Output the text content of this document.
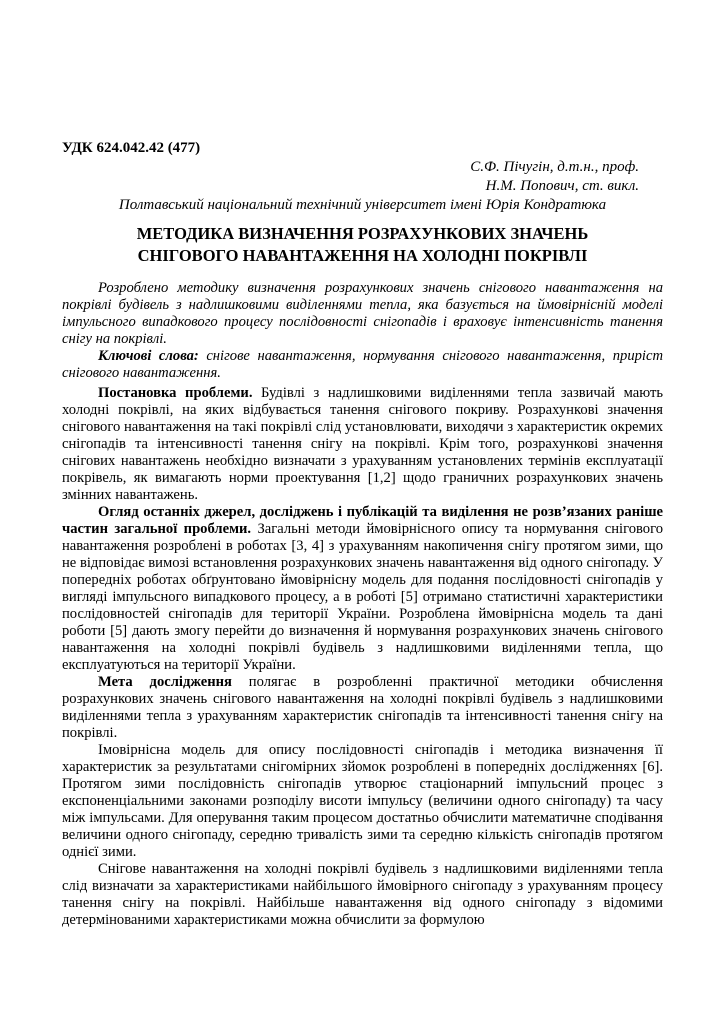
УДК 624.042.42 (477)
С.Ф. Пічугін, д.т.н., проф.
Н.М. Попович, ст. викл.
Полтавський національний технічний університет імені Юрія Кондратюка
МЕТОДИКА ВИЗНАЧЕННЯ РОЗРАХУНКОВИХ ЗНАЧЕНЬ
СНІГОВОГО НАВАНТАЖЕННЯ НА ХОЛОДНІ ПОКРІВЛІ

Розроблено методику визначення розрахункових значень снігового навантаження на покрівлі будівель з надлишковими виділеннями тепла, яка базується на ймовірнісній моделі імпульсного випадкового процесу послідовності снігопадів і враховує інтенсивність танення снігу на покрівлі.

Ключові слова: снігове навантаження, нормування снігового навантаження, приріст снігового навантаження.

Постановка проблеми. Будівлі з надлишковими виділеннями тепла зазвичай мають холодні покрівлі, на яких відбувається танення снігового покриву. Розрахункові значення снігового навантаження на такі покрівлі слід установлювати, виходячи з характеристик окремих снігопадів та інтенсивності танення снігу на покрівлі. Крім того, розрахункові значення снігових навантажень необхідно визначати з урахуванням установлених термінів експлуатації покрівель, як вимагають норми проектування [1,2] щодо граничних розрахункових значень змінних навантажень.

Огляд останніх джерел, досліджень і публікацій та виділення не розв’язаних раніше частин загальної проблеми. Загальні методи ймовірнісного опису та нормування снігового навантаження розроблені в роботах [3, 4] з урахуванням накопичення снігу протягом зими, що не відповідає вимозі встановлення розрахункових значень навантаження від одного снігопаду. У попередніх роботах обґрунтовано ймовірнісну модель для подання послідовності снігопадів у вигляді імпульсного випадкового процесу, а в роботі [5] отримано статистичні характеристики послідовностей снігопадів для території України. Розроблена ймовірнісна модель та дані роботи [5] дають змогу перейти до визначення й нормування розрахункових значень снігового навантаження на холодні покрівлі будівель з надлишковими виділеннями тепла, що експлуатуються на території України.

Мета дослідження полягає в розробленні практичної методики обчислення розрахункових значень снігового навантаження на холодні покрівлі будівель з надлишковими виділеннями тепла з урахуванням характеристик снігопадів та інтенсивності танення снігу на покрівлі.

Імовірнісна модель для опису послідовності снігопадів і методика визначення її характеристик за результатами снігомірних зйомок розроблені в попередніх дослідженнях [6]. Протягом зими послідовність снігопадів утворює стаціонарний імпульсний процес з експоненціальними законами розподілу висоти імпульсу (величини одного снігопаду) та часу між імпульсами. Для оперування таким процесом достатньо обчислити математичне сподівання величини одного снігопаду, середню тривалість зими та середню кількість снігопадів протягом однієї зими.

Снігове навантаження на холодні покрівлі будівель з надлишковими виділеннями тепла слід визначати за характеристиками найбільшого ймовірного снігопаду з урахуванням процесу танення снігу на покрівлі. Найбільше навантаження від одного снігопаду з відомими детермінованими характеристиками можна обчислити за формулою
